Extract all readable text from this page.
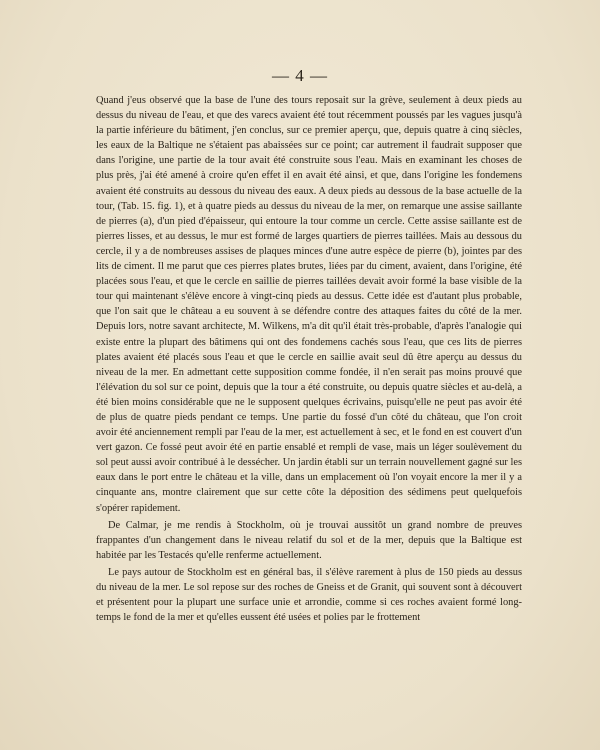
— 4 —

Quand j'eus observé que la base de l'une des tours reposait sur la grève, seulement à deux pieds au dessus du niveau de l'eau, et que des varecs avaient été tout récemment poussés par les vagues jusqu'à la partie inférieure du bâtiment, j'en conclus, sur ce premier aperçu, que, depuis quatre à cinq siècles, les eaux de la Baltique ne s'étaient pas abaissées sur ce point; car autrement il faudrait supposer que dans l'origine, une partie de la tour avait été construite sous l'eau. Mais en examinant les choses de plus près, j'ai été amené à croire qu'en effet il en avait été ainsi, et que, dans l'origine les fondemens avaient été construits au dessous du niveau des eaux. A deux pieds au dessous de la base actuelle de la tour, (Tab. 15. fig. 1), et à quatre pieds au dessus du niveau de la mer, on remarque une assise saillante de pierres (a), d'un pied d'épaisseur, qui entoure la tour comme un cercle. Cette assise saillante est de pierres lisses, et au dessus, le mur est formé de larges quartiers de pierres taillées. Mais au dessous du cercle, il y a de nombreuses assises de plaques minces d'une autre espèce de pierre (b), jointes par des lits de ciment. Il me parut que ces pierres plates brutes, liées par du ciment, avaient, dans l'origine, été placées sous l'eau, et que le cercle en saillie de pierres taillées devait avoir formé la base visible de la tour qui maintenant s'élève encore à vingt-cinq pieds au dessus. Cette idée est d'autant plus probable, que l'on sait que le château a eu souvent à se défendre contre des attaques faites du côté de la mer. Depuis lors, notre savant architecte, M. Wilkens, m'a dit qu'il était très-probable, d'après l'analogie qui existe entre la plupart des bâtimens qui ont des fondemens cachés sous l'eau, que ces lits de pierres plates avaient été placés sous l'eau et que le cercle en saillie avait seul dû être aperçu au dessus du niveau de la mer. En admettant cette supposition comme fondée, il n'en serait pas moins prouvé que l'élévation du sol sur ce point, depuis que la tour a été construite, ou depuis quatre siècles et au-delà, a été bien moins considérable que ne le supposent quelques écrivains, puisqu'elle ne peut pas avoir été de plus de quatre pieds pendant ce temps. Une partie du fossé d'un côté du château, que l'on croit avoir été anciennement rempli par l'eau de la mer, est actuellement à sec, et le fond en est couvert d'un vert gazon. Ce fossé peut avoir été en partie ensablé et rempli de vase, mais un léger soulèvement du sol peut aussi avoir contribué à le dessécher. Un jardin établi sur un terrain nouvellement gagné sur les eaux dans le port entre le château et la ville, dans un emplacement où l'on voyait encore la mer il y a cinquante ans, montre clairement que sur cette côte la déposition des sédimens peut quelquefois s'opérer rapidement.

De Calmar, je me rendis à Stockholm, où je trouvai aussitôt un grand nombre de preuves frappantes d'un changement dans le niveau relatif du sol et de la mer, depuis que la Baltique est habitée par les Testacés qu'elle renferme actuellement.

Le pays autour de Stockholm est en général bas, il s'élève rarement à plus de 150 pieds au dessus du niveau de la mer. Le sol repose sur des roches de Gneiss et de Granit, qui souvent sont à découvert et présentent pour la plupart une surface unie et arrondie, comme si ces roches avaient formé long-temps le fond de la mer et qu'elles eussent été usées et polies par le frottement
